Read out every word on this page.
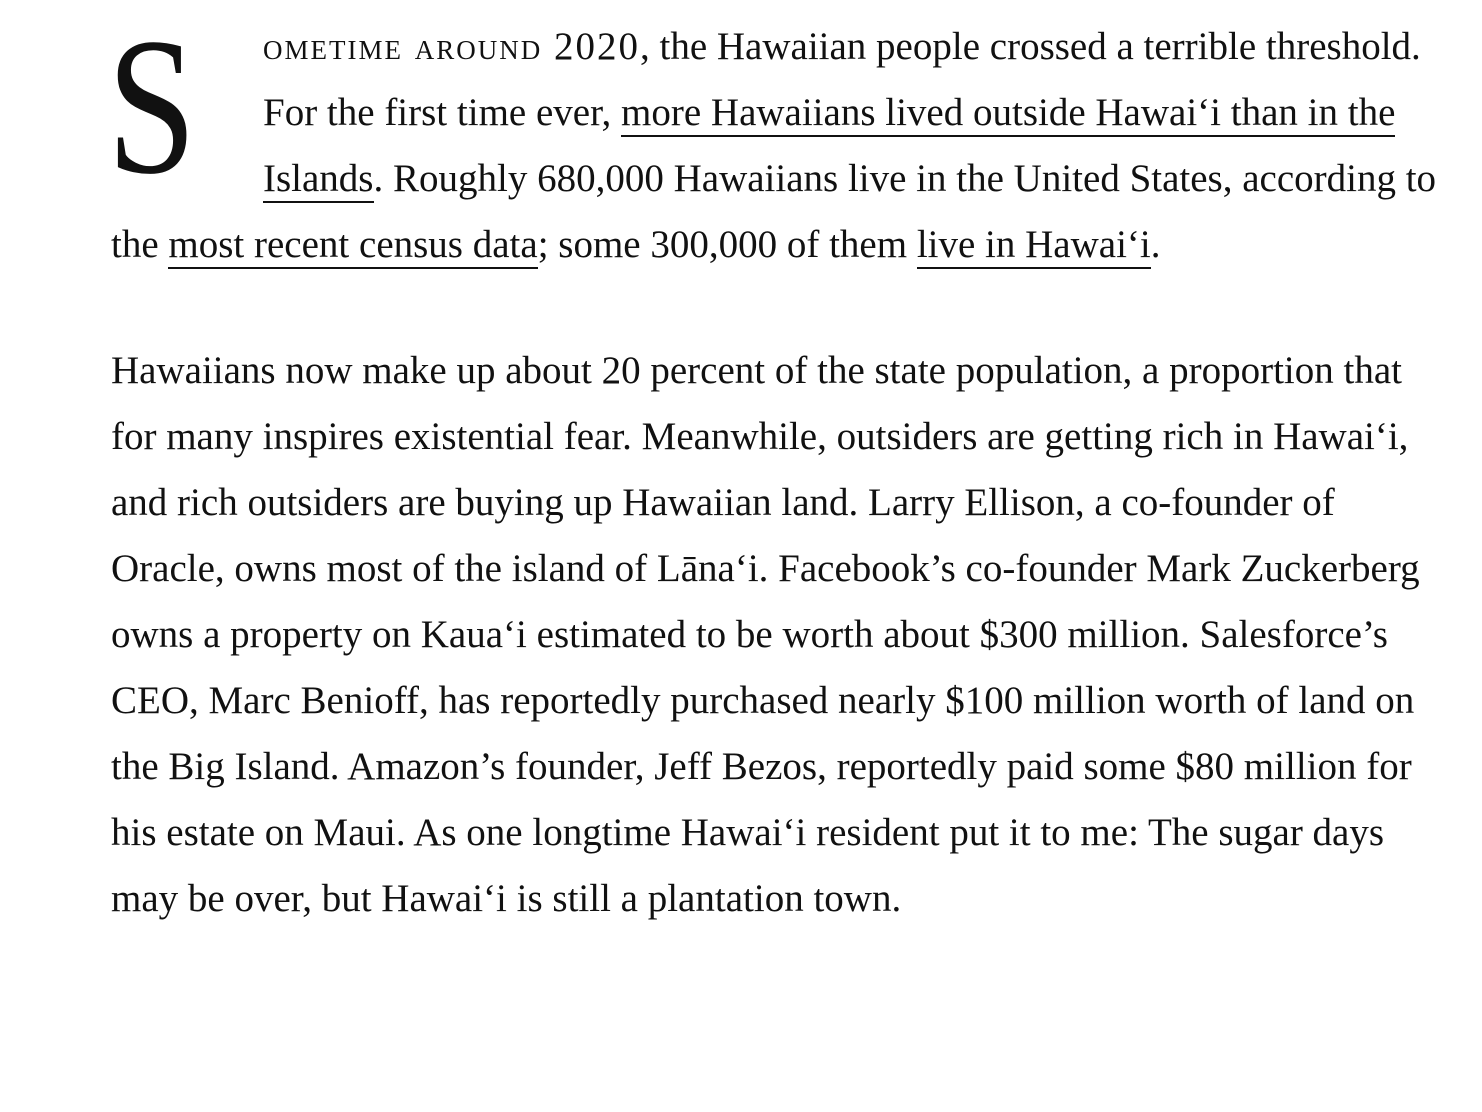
S ometime around 2020, the Hawaiian people crossed a terrible threshold. For the first time ever, more Hawaiians lived outside Hawai‘i than in the Islands. Roughly 680,000 Hawaiians live in the United States, according to the most recent census data; some 300,000 of them live in Hawai‘i.

Hawaiians now make up about 20 percent of the state population, a proportion that for many inspires existential fear. Meanwhile, outsiders are getting rich in Hawai‘i, and rich outsiders are buying up Hawaiian land. Larry Ellison, a co-founder of Oracle, owns most of the island of Lāna‘i. Facebook’s co-founder Mark Zuckerberg owns a property on Kaua‘i estimated to be worth about $300 million. Salesforce’s CEO, Marc Benioff, has reportedly purchased nearly $100 million worth of land on the Big Island. Amazon’s founder, Jeff Bezos, reportedly paid some $80 million for his estate on Maui. As one longtime Hawai‘i resident put it to me: The sugar days may be over, but Hawai‘i is still a plantation town.
